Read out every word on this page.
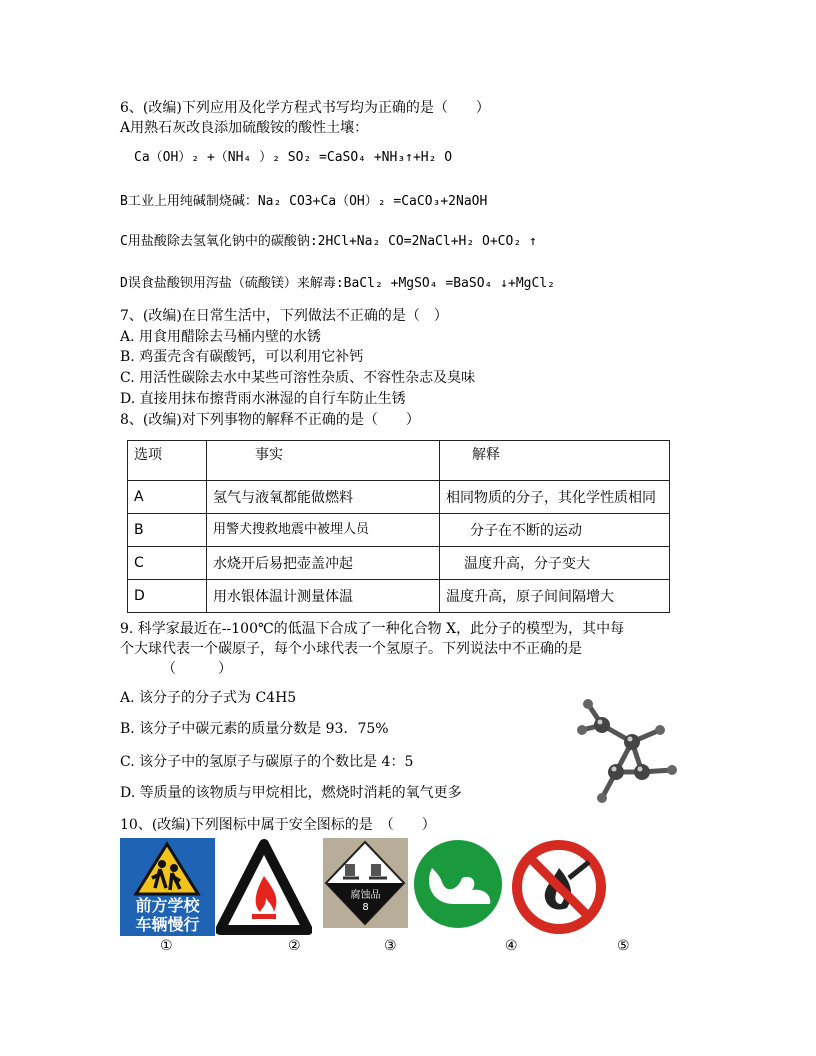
6、(改编)下列应用及化学方程式书写均为正确的是（　　）
A用熟石灰改良添加硫酸铵的酸性土壤：
Ca（OH）₂ +（NH₄ ）₂ SO₂ =CaSO₄ +NH₃↑+H₂ O
B工业上用纯碱制烧碱：Na₂ CO3+Ca（OH）₂ =CaCO₃+2NaOH
C用盐酸除去氢氧化钠中的碳酸钠:2HCl+Na₂ CO=2NaCl+H₂ O+CO₂ ↑
D误食盐酸钡用泻盐（硫酸镁）来解毒:BaCl₂ +MgSO₄ =BaSO₄ ↓+MgCl₂
7、(改编)在日常生活中，下列做法不正确的是（　）
A. 用食用醋除去马桶内壁的水锈
B. 鸡蛋壳含有碳酸钙，可以利用它补钙
C. 用活性碳除去水中某些可溶性杂质、不容性杂志及臭味
D. 直接用抹布擦背雨水淋湿的自行车防止生锈
8、(改编)对下列事物的解释不正确的是（　　）
选项	事实	解释
A	氢气与液氧都能做燃料	相同物质的分子，其化学性质相同
B	用警犬搜救地震中被埋人员	分子在不断的运动
C	水烧开后易把壶盖冲起	温度升高，分子变大
D	用水银体温计测量体温	温度升高，原子间间隔增大
9. 科学家最近在--100℃的低温下合成了一种化合物 X，此分子的模型为，其中每
个大球代表一个碳原子，每个小球代表一个氢原子。下列说法中不正确的是
（　　　）
A. 该分子的分子式为 C4H5
B. 该分子中碳元素的质量分数是 93．75%
C. 该分子中的氢原子与碳原子的个数比是 4：5
D. 等质量的该物质与甲烷相比，燃烧时消耗的氧气更多
10、(改编)下列图标中属于安全图标的是　（　　）
前方学校
车辆慢行
腐蚀品
8
①	②	③	④	⑤
